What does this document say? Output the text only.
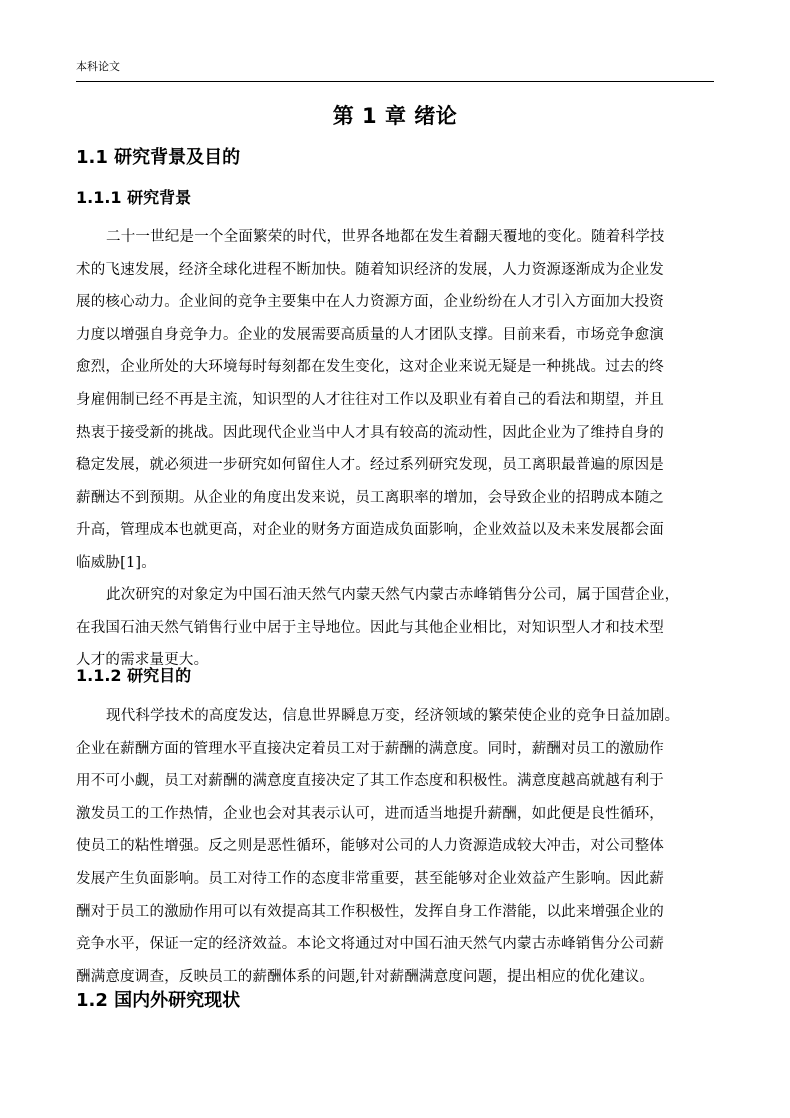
本科论文
第 1 章 绪论
1.1 研究背景及目的
1.1.1 研究背景
二十一世纪是一个全面繁荣的时代，世界各地都在发生着翻天覆地的变化。随着科学技
术的飞速发展，经济全球化进程不断加快。随着知识经济的发展，人力资源逐渐成为企业发
展的核心动力。企业间的竞争主要集中在人力资源方面，企业纷纷在人才引入方面加大投资
力度以增强自身竞争力。企业的发展需要高质量的人才团队支撑。目前来看，市场竞争愈演
愈烈，企业所处的大环境每时每刻都在发生变化，这对企业来说无疑是一种挑战。过去的终
身雇佣制已经不再是主流，知识型的人才往往对工作以及职业有着自己的看法和期望，并且
热衷于接受新的挑战。因此现代企业当中人才具有较高的流动性，因此企业为了维持自身的
稳定发展，就必须进一步研究如何留住人才。经过系列研究发现，员工离职最普遍的原因是
薪酬达不到预期。从企业的角度出发来说，员工离职率的增加，会导致企业的招聘成本随之
升高，管理成本也就更高，对企业的财务方面造成负面影响，企业效益以及未来发展都会面
临威胁[1]。
此次研究的对象定为中国石油天然气内蒙天然气内蒙古赤峰销售分公司，属于国营企业，
在我国石油天然气销售行业中居于主导地位。因此与其他企业相比，对知识型人才和技术型
人才的需求量更大。
1.1.2 研究目的
现代科学技术的高度发达，信息世界瞬息万变，经济领域的繁荣使企业的竞争日益加剧。
企业在薪酬方面的管理水平直接决定着员工对于薪酬的满意度。同时，薪酬对员工的激励作
用不可小觑，员工对薪酬的满意度直接决定了其工作态度和积极性。满意度越高就越有利于
激发员工的工作热情，企业也会对其表示认可，进而适当地提升薪酬，如此便是良性循环，
使员工的粘性增强。反之则是恶性循环，能够对公司的人力资源造成较大冲击，对公司整体
发展产生负面影响。员工对待工作的态度非常重要，甚至能够对企业效益产生影响。因此薪
酬对于员工的激励作用可以有效提高其工作积极性，发挥自身工作潜能，以此来增强企业的
竞争水平，保证一定的经济效益。本论文将通过对中国石油天然气内蒙古赤峰销售分公司薪
酬满意度调查，反映员工的薪酬体系的问题,针对薪酬满意度问题，提出相应的优化建议。
1.2 国内外研究现状
